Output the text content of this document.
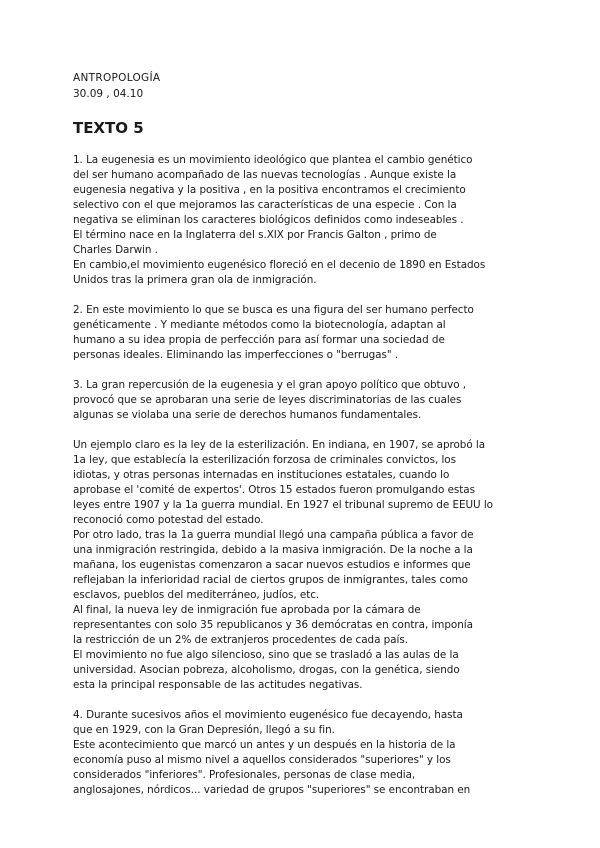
ANTROPOLOGÍA
30.09 , 04.10
TEXTO 5
1. La eugenesia es un movimiento ideológico que plantea el cambio genético
del ser humano acompañado de las nuevas tecnologías . Aunque existe la
eugenesia negativa y la positiva , en la positiva encontramos el crecimiento
selectivo con el que mejoramos las características de una especie . Con la
negativa se eliminan los caracteres biológicos definidos como indeseables .
El término nace en la Inglaterra del s.XIX por Francis Galton , primo de
Charles Darwin .
En cambio,el movimiento eugenésico floreció en el decenio de 1890 en Estados
Unidos tras la primera gran ola de inmigración.
2. En este movimiento lo que se busca es una figura del ser humano perfecto
genéticamente . Y mediante métodos como la biotecnología, adaptan al
humano a su idea propia de perfección para así formar una sociedad de
personas ideales. Eliminando las imperfecciones o "berrugas" .
3. La gran repercusión de la eugenesia y el gran apoyo político que obtuvo ,
provocó que se aprobaran una serie de leyes discriminatorias de las cuales
algunas se violaba una serie de derechos humanos fundamentales.
Un ejemplo claro es la ley de la esterilización. En indiana, en 1907, se aprobó la
1a ley, que establecía la esterilización forzosa de criminales convictos, los
idiotas, y otras personas internadas en instituciones estatales, cuando lo
aprobase el 'comité de expertos'. Otros 15 estados fueron promulgando estas
leyes entre 1907 y la 1a guerra mundial. En 1927 el tribunal supremo de EEUU lo
reconoció como potestad del estado.
Por otro lado, tras la 1a guerra mundial llegó una campaña pública a favor de
una inmigración restringida, debido a la masiva inmigración. De la noche a la
mañana, los eugenistas comenzaron a sacar nuevos estudios e informes que
reflejaban la inferioridad racial de ciertos grupos de inmigrantes, tales como
esclavos, pueblos del mediterráneo, judíos, etc.
Al final, la nueva ley de inmigración fue aprobada por la cámara de
representantes con solo 35 republicanos y 36 demócratas en contra, imponía
la restricción de un 2% de extranjeros procedentes de cada país.
El movimiento no fue algo silencioso, sino que se trasladó a las aulas de la
universidad. Asocian pobreza, alcoholismo, drogas, con la genética, siendo
esta la principal responsable de las actitudes negativas.
4. Durante sucesivos años el movimiento eugenésico fue decayendo, hasta
que en 1929, con la Gran Depresión, llegó a su fin.
Este acontecimiento que marcó un antes y un después en la historia de la
economía puso al mismo nivel a aquellos considerados "superiores" y los
considerados "inferiores". Profesionales, personas de clase media,
anglosajones, nórdicos... variedad de grupos "superiores" se encontraban en
